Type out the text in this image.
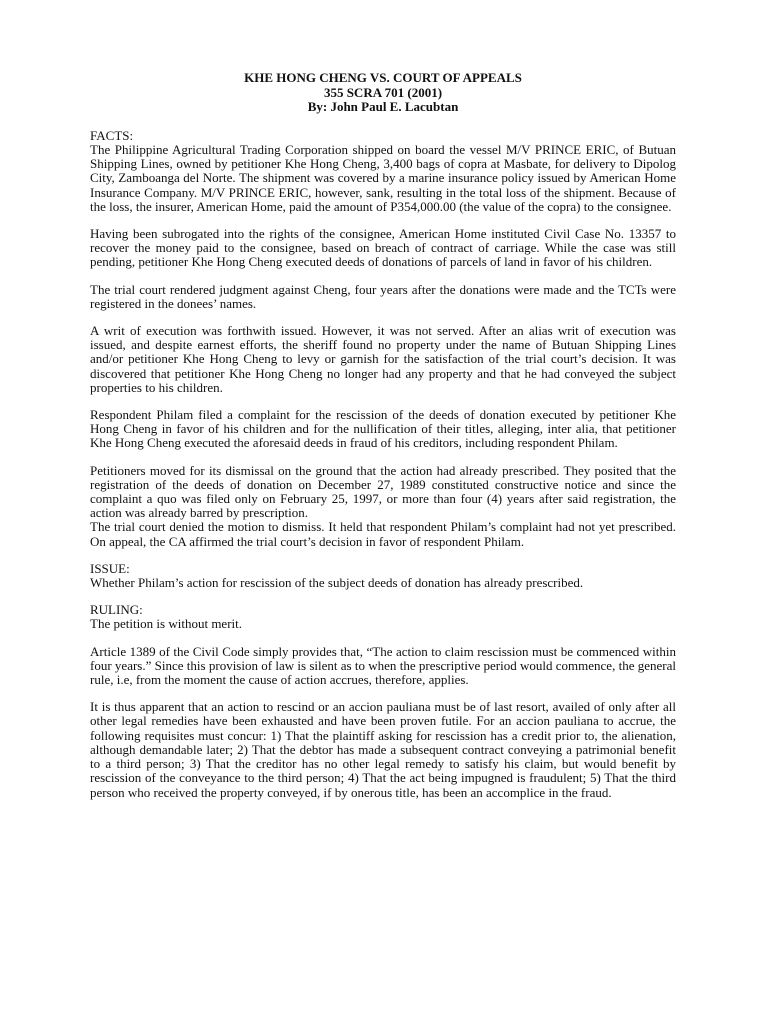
KHE HONG CHENG VS. COURT OF APPEALS
355 SCRA 701 (2001)
By: John Paul E. Lacubtan
FACTS:

The Philippine Agricultural Trading Corporation shipped on board the vessel M/V PRINCE ERIC, of Butuan Shipping Lines, owned by petitioner Khe Hong Cheng, 3,400 bags of copra at Masbate, for delivery to Dipolog City, Zamboanga del Norte. The shipment was covered by a marine insurance policy issued by American Home Insurance Company. M/V PRINCE ERIC, however, sank, resulting in the total loss of the shipment. Because of the loss, the insurer, American Home, paid the amount of P354,000.00 (the value of the copra) to the consignee.

Having been subrogated into the rights of the consignee, American Home instituted Civil Case No. 13357 to recover the money paid to the consignee, based on breach of contract of carriage. While the case was still pending, petitioner Khe Hong Cheng executed deeds of donations of parcels of land in favor of his children.

The trial court rendered judgment against Cheng, four years after the donations were made and the TCTs were registered in the donees’ names.

A writ of execution was forthwith issued. However, it was not served. After an alias writ of execution was issued, and despite earnest efforts, the sheriff found no property under the name of Butuan Shipping Lines and/or petitioner Khe Hong Cheng to levy or garnish for the satisfaction of the trial court’s decision. It was discovered that petitioner Khe Hong Cheng no longer had any property and that he had conveyed the subject properties to his children.

Respondent Philam filed a complaint for the rescission of the deeds of donation executed by petitioner Khe Hong Cheng in favor of his children and for the nullification of their titles, alleging, inter alia, that petitioner Khe Hong Cheng executed the aforesaid deeds in fraud of his creditors, including respondent Philam.

Petitioners moved for its dismissal on the ground that the action had already prescribed. They posited that the registration of the deeds of donation on December 27, 1989 constituted constructive notice and since the complaint a quo was filed only on February 25, 1997, or more than four (4) years after said registration, the action was already barred by prescription.

The trial court denied the motion to dismiss. It held that respondent Philam’s complaint had not yet prescribed. On appeal, the CA affirmed the trial court’s decision in favor of respondent Philam.

ISSUE:
Whether Philam’s action for rescission of the subject deeds of donation has already prescribed.
RULING:

The petition is without merit.

Article 1389 of the Civil Code simply provides that, “The action to claim rescission must be commenced within four years.” Since this provision of law is silent as to when the prescriptive period would commence, the general rule, i.e, from the moment the cause of action accrues, therefore, applies.

It is thus apparent that an action to rescind or an accion pauliana must be of last resort, availed of only after all other legal remedies have been exhausted and have been proven futile. For an accion pauliana to accrue, the following requisites must concur: 1) That the plaintiff asking for rescission has a credit prior to, the alienation, although demandable later; 2) That the debtor has made a subsequent contract conveying a patrimonial benefit to a third person; 3) That the creditor has no other legal remedy to satisfy his claim, but would benefit by rescission of the conveyance to the third person; 4) That the act being impugned is fraudulent; 5) That the third person who received the property conveyed, if by onerous title, has been an accomplice in the fraud.
